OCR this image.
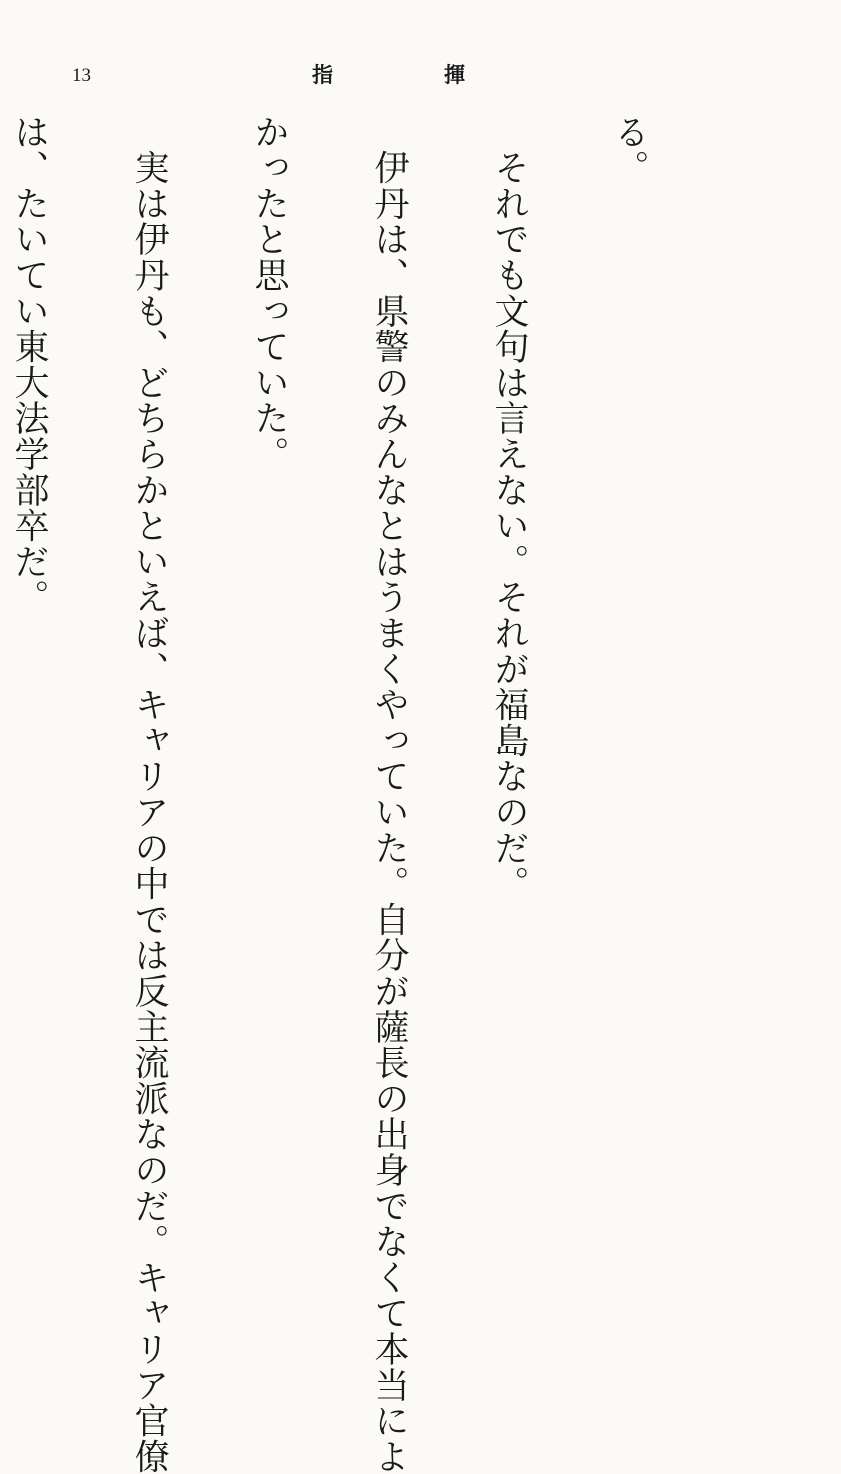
13	指	揮

る。

　それでも文句は言えない。それが福島なのだ。

　伊丹は、県警のみんなとはうまくやっていた。自分が薩長の出身でなくて本当によ

かったと思っていた。

　実は伊丹も、どちらかといえば、キャリアの中では反主流派なのだ。キャリア官僚

は、たいてい東大法学部卒だ。
